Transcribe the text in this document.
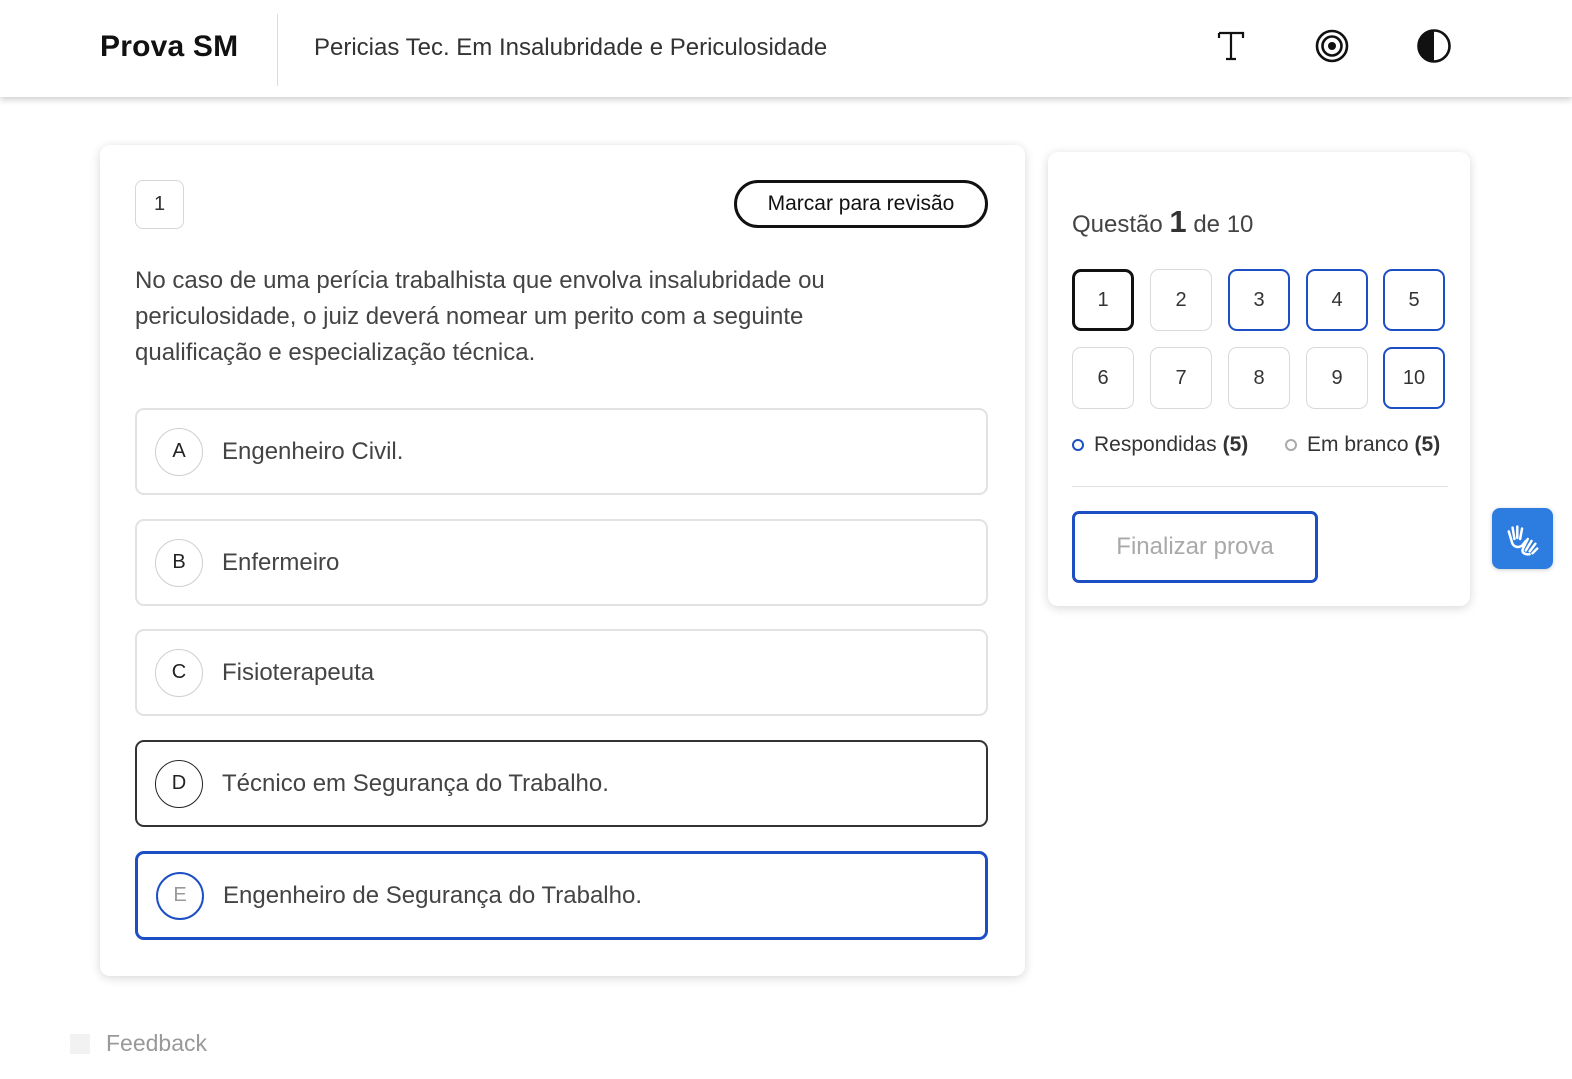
Prova SM	Pericias Tec. Em Insalubridade e Periculosidade
1	Marcar para revisão
No caso de uma perícia trabalhista que envolva insalubridade ou periculosidade, o juiz deverá nomear um perito com a seguinte qualificação e especialização técnica.
A	Engenheiro Civil.
B	Enfermeiro
C	Fisioterapeuta
D	Técnico em Segurança do Trabalho.
E	Engenheiro de Segurança do Trabalho.
Questão 1 de 10
1	2	3	4	5
6	7	8	9	10
Respondidas (5)	Em branco (5)
Finalizar prova
Feedback
